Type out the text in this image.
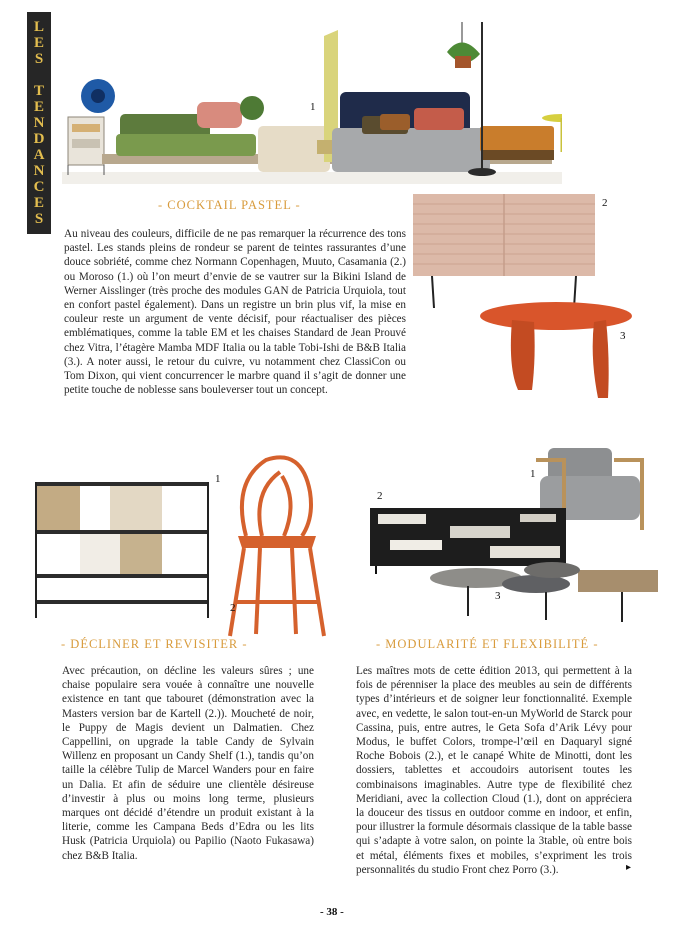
L
E
S
T
E
N
D
A
N
C
E
S
1
- COCKTAIL PASTEL -

Au niveau des couleurs, difficile de ne pas remarquer la récurrence des tons pastel. Les stands pleins de rondeur se parent de teintes rassurantes d’une douce sobriété, comme chez Normann Copenhagen, Muuto, Casamania (2.) ou Moroso (1.) où l’on meurt d’envie de se vautrer sur la Bikini Island de Werner Aisslinger (très proche des modules GAN de Patricia Urquiola, tout en confort pastel également). Dans un registre un brin plus vif, la mise en couleur reste un argument de vente décisif, pour réactualiser des pièces emblématiques, comme la table EM et les chaises Standard de Jean Prouvé chez Vitra, l’étagère Mamba MDF Italia ou la table Tobi-Ishi de B&B Italia (3.). A noter aussi, le retour du cuivre, vu notamment chez ClassiCon ou Tom Dixon, qui vient concurrencer le marbre quand il s’agit de donner une petite touche de noblesse sans bouleverser tout un concept.

2
3
1
2
1
2
3
- DÉCLINER ET REVISITER -	- MODULARITÉ ET FLEXIBILITÉ -

Avec précaution, on décline les valeurs sûres ; une chaise populaire sera vouée à connaître une nouvelle existence en tant que tabouret (démonstration avec la Masters version bar de Kartell (2.)). Moucheté de noir, le Puppy de Magis devient un Dalmatien. Chez Cappellini, on upgrade la table Candy de Sylvain Willenz en proposant un Candy Shelf (1.), tandis qu’on taille la célèbre Tulip de Marcel Wanders pour en faire un Dalia. Et afin de séduire une clientèle désireuse d’investir à plus ou moins long terme, plusieurs marques ont décidé d’étendre un produit existant à la literie, comme les Campana Beds d’Edra ou les lits Husk (Patricia Urquiola) ou Papilio (Naoto Fukasawa) chez B&B Italia.

Les maîtres mots de cette édition 2013, qui permettent à la fois de pérenniser la place des meubles au sein de différents types d’intérieurs et de soigner leur fonctionnalité. Exemple avec, en vedette, le salon tout-en-un MyWorld de Starck pour Cassina, puis, entre autres, le Geta Sofa d’Arik Lévy pour Modus, le buffet Colors, trompe-l’œil en Daquaryl signé Roche Bobois (2.), et le canapé White de Minotti, dont les dossiers, tablettes et accoudoirs autorisent toutes les combinaisons imaginables. Autre type de flexibilité chez Meridiani, avec la collection Cloud (1.), dont on appréciera la douceur des tissus en outdoor comme en indoor, et enfin, pour illustrer la formule désormais classique de la table basse qui s’adapte à votre salon, on pointe la 3table, où entre bois et métal, éléments fixes et mobiles, s’expriment les trois personnalités du studio Front chez Porro (3.).	▸
- 38 -
